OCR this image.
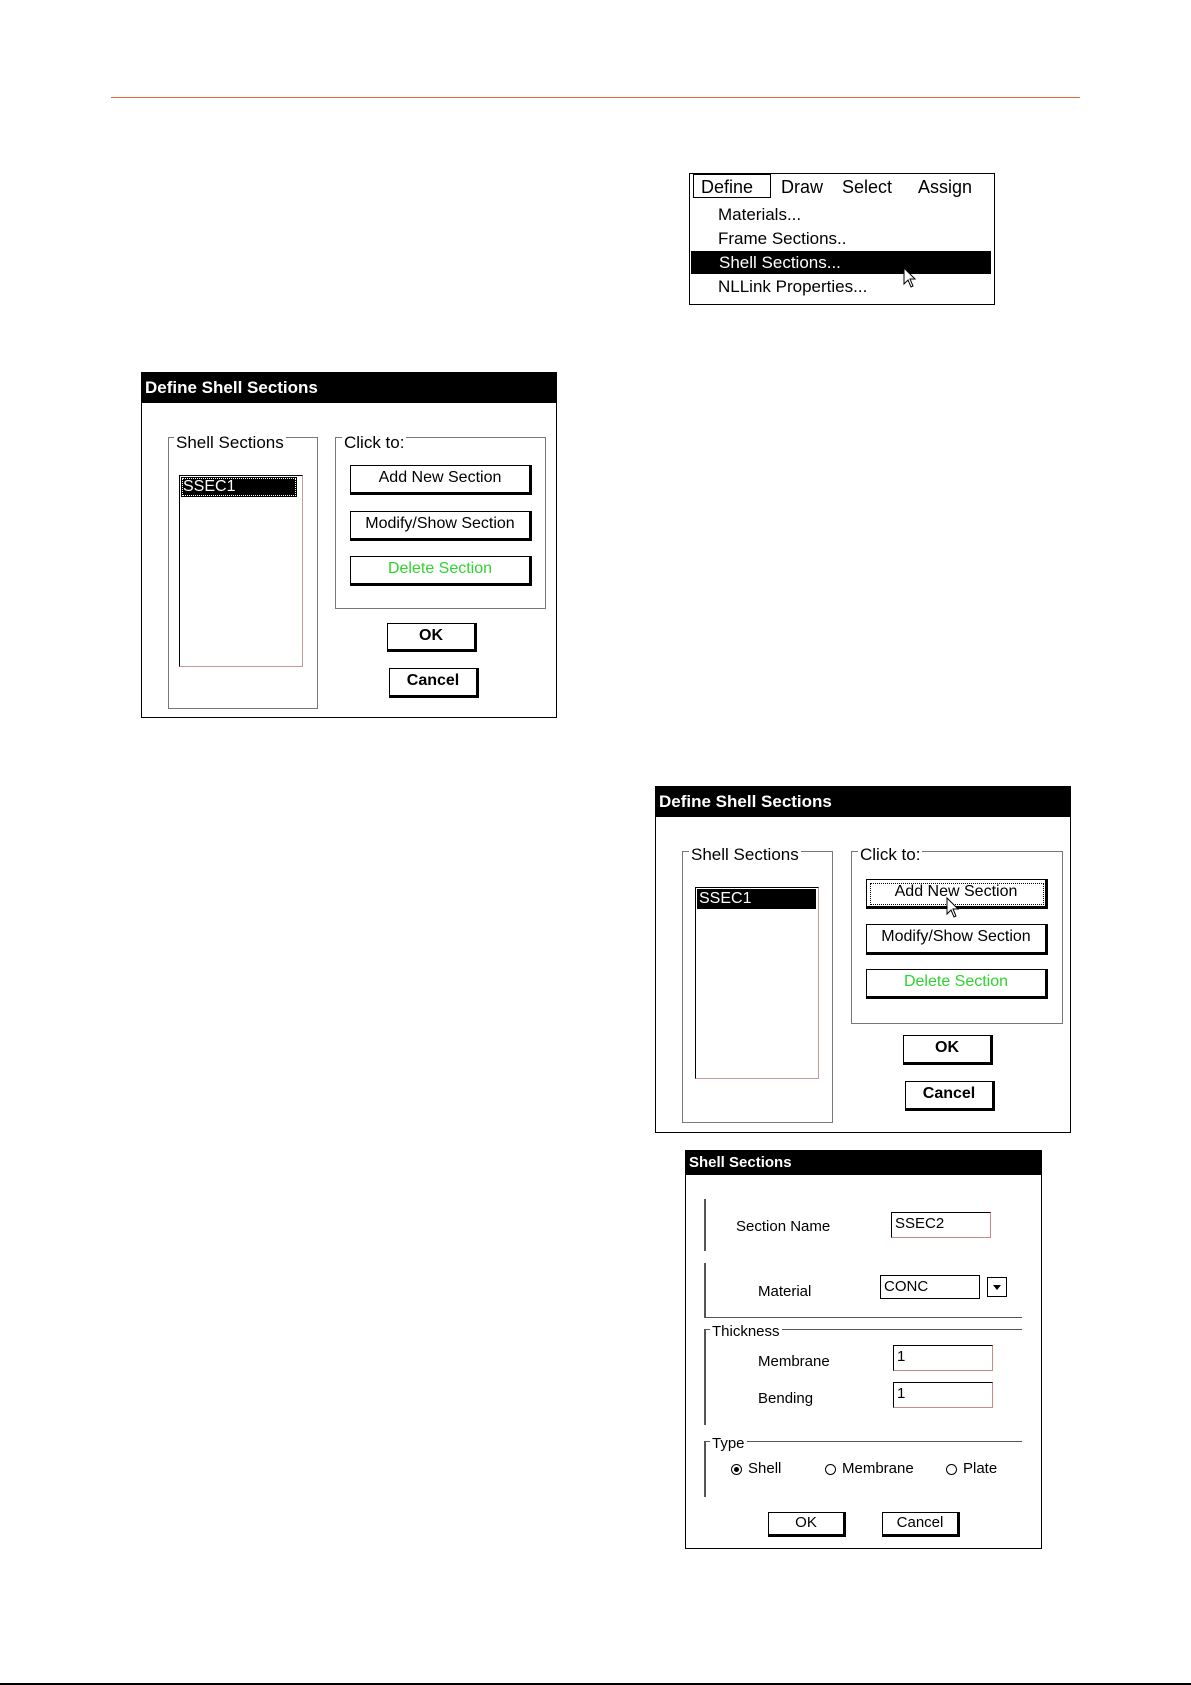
Define	Draw Select Assign
Materials...
Frame Sections..
Shell Sections...
NLLink Properties...
Define Shell Sections
Shell Sections
SSEC1
Click to:
Add New Section
Modify/Show Section
Delete Section
OK
Cancel
Define Shell Sections
Shell Sections
SSEC1
Click to:
Add New Section
Modify/Show Section
Delete Section
OK
Cancel
Shell Sections
Section Name	SSEC2
Material	CONC
Thickness
Membrane	1
Bending	1
Type
Shell	Membrane	Plate
OK	Cancel
